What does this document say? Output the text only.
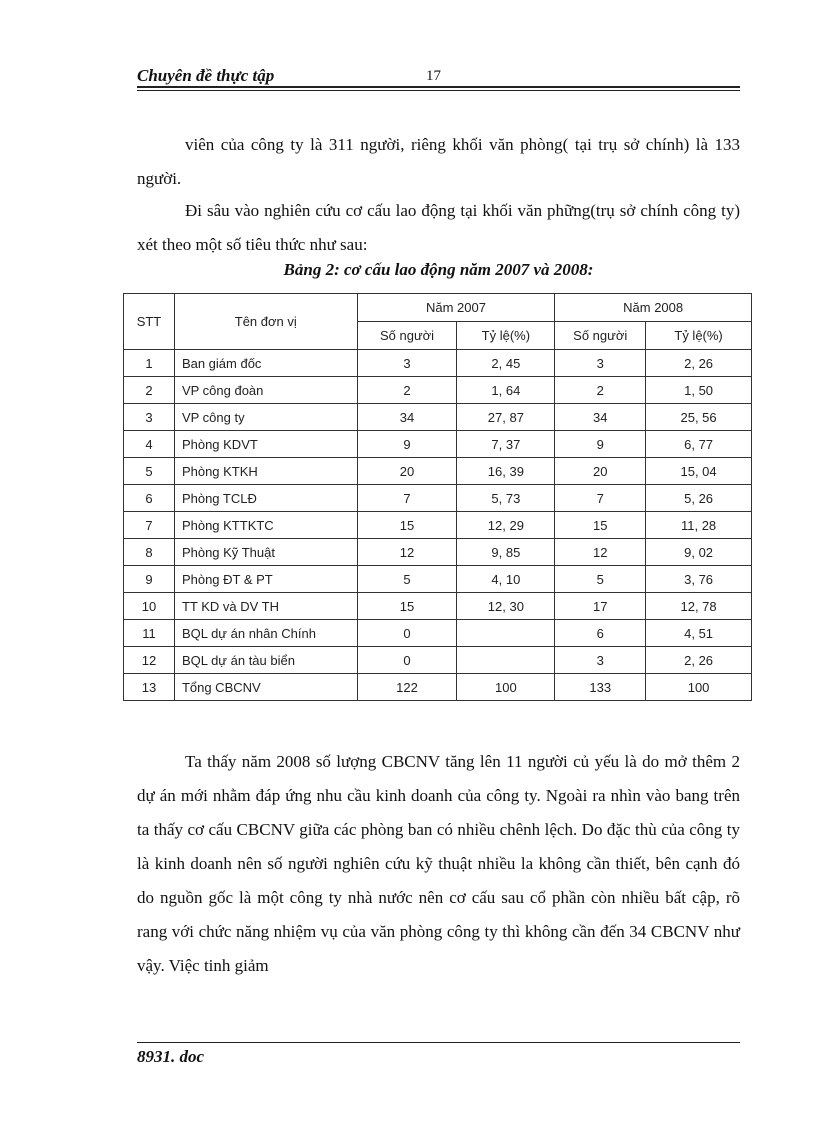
Chuyên đề thực tập	17

viên của công ty là 311 người, riêng khối văn phòng( tại trụ sở chính) là 133 người.

Đi sâu vào nghiên cứu cơ cấu lao động tại khối văn phững(trụ sở chính công ty) xét theo một số tiêu thức như sau:

Bảng 2: cơ cấu lao động năm 2007 và 2008:
STT	Tên đơn vị	Năm 2007		Năm 2008	
		Số người	Tỷ lệ(%)	Số người	Tỷ lệ(%)
1	Ban giám đốc	3	2, 45	3	2, 26
2	VP công đoàn	2	1, 64	2	1, 50
3	VP công ty	34	27, 87	34	25, 56
4	Phòng KDVT	9	7, 37	9	6, 77
5	Phòng KTKH	20	16, 39	20	15, 04
6	Phòng TCLĐ	7	5, 73	7	5, 26
7	Phòng KTTKTC	15	12, 29	15	11, 28
8	Phòng Kỹ Thuật	12	9, 85	12	9, 02
9	Phòng ĐT & PT	5	4, 10	5	3, 76
10	TT KD và DV TH	15	12, 30	17	12, 78
11	BQL dự án nhân Chính	0		6	4, 51
12	BQL dự án tàu biển	0		3	2, 26
13	Tổng CBCNV	122	100	133	100

Ta thấy năm 2008 số lượng CBCNV tăng lên 11 người củ yếu là do mở thêm 2 dự án mới nhằm đáp ứng nhu cầu kinh doanh của công ty. Ngoài ra nhìn vào bang trên ta thấy cơ cấu CBCNV giữa các phòng ban có nhiều chênh lệch. Do đặc thù của công ty là kinh doanh nên số người nghiên cứu kỹ thuật nhiều la không cần thiết, bên cạnh đó do nguồn gốc là một công ty nhà nước nên cơ cấu sau cổ phần còn nhiều bất cập, rõ rang với chức năng nhiệm vụ của văn phòng công ty thì không cần đến 34 CBCNV như vậy. Việc tinh giảm

8931. doc
